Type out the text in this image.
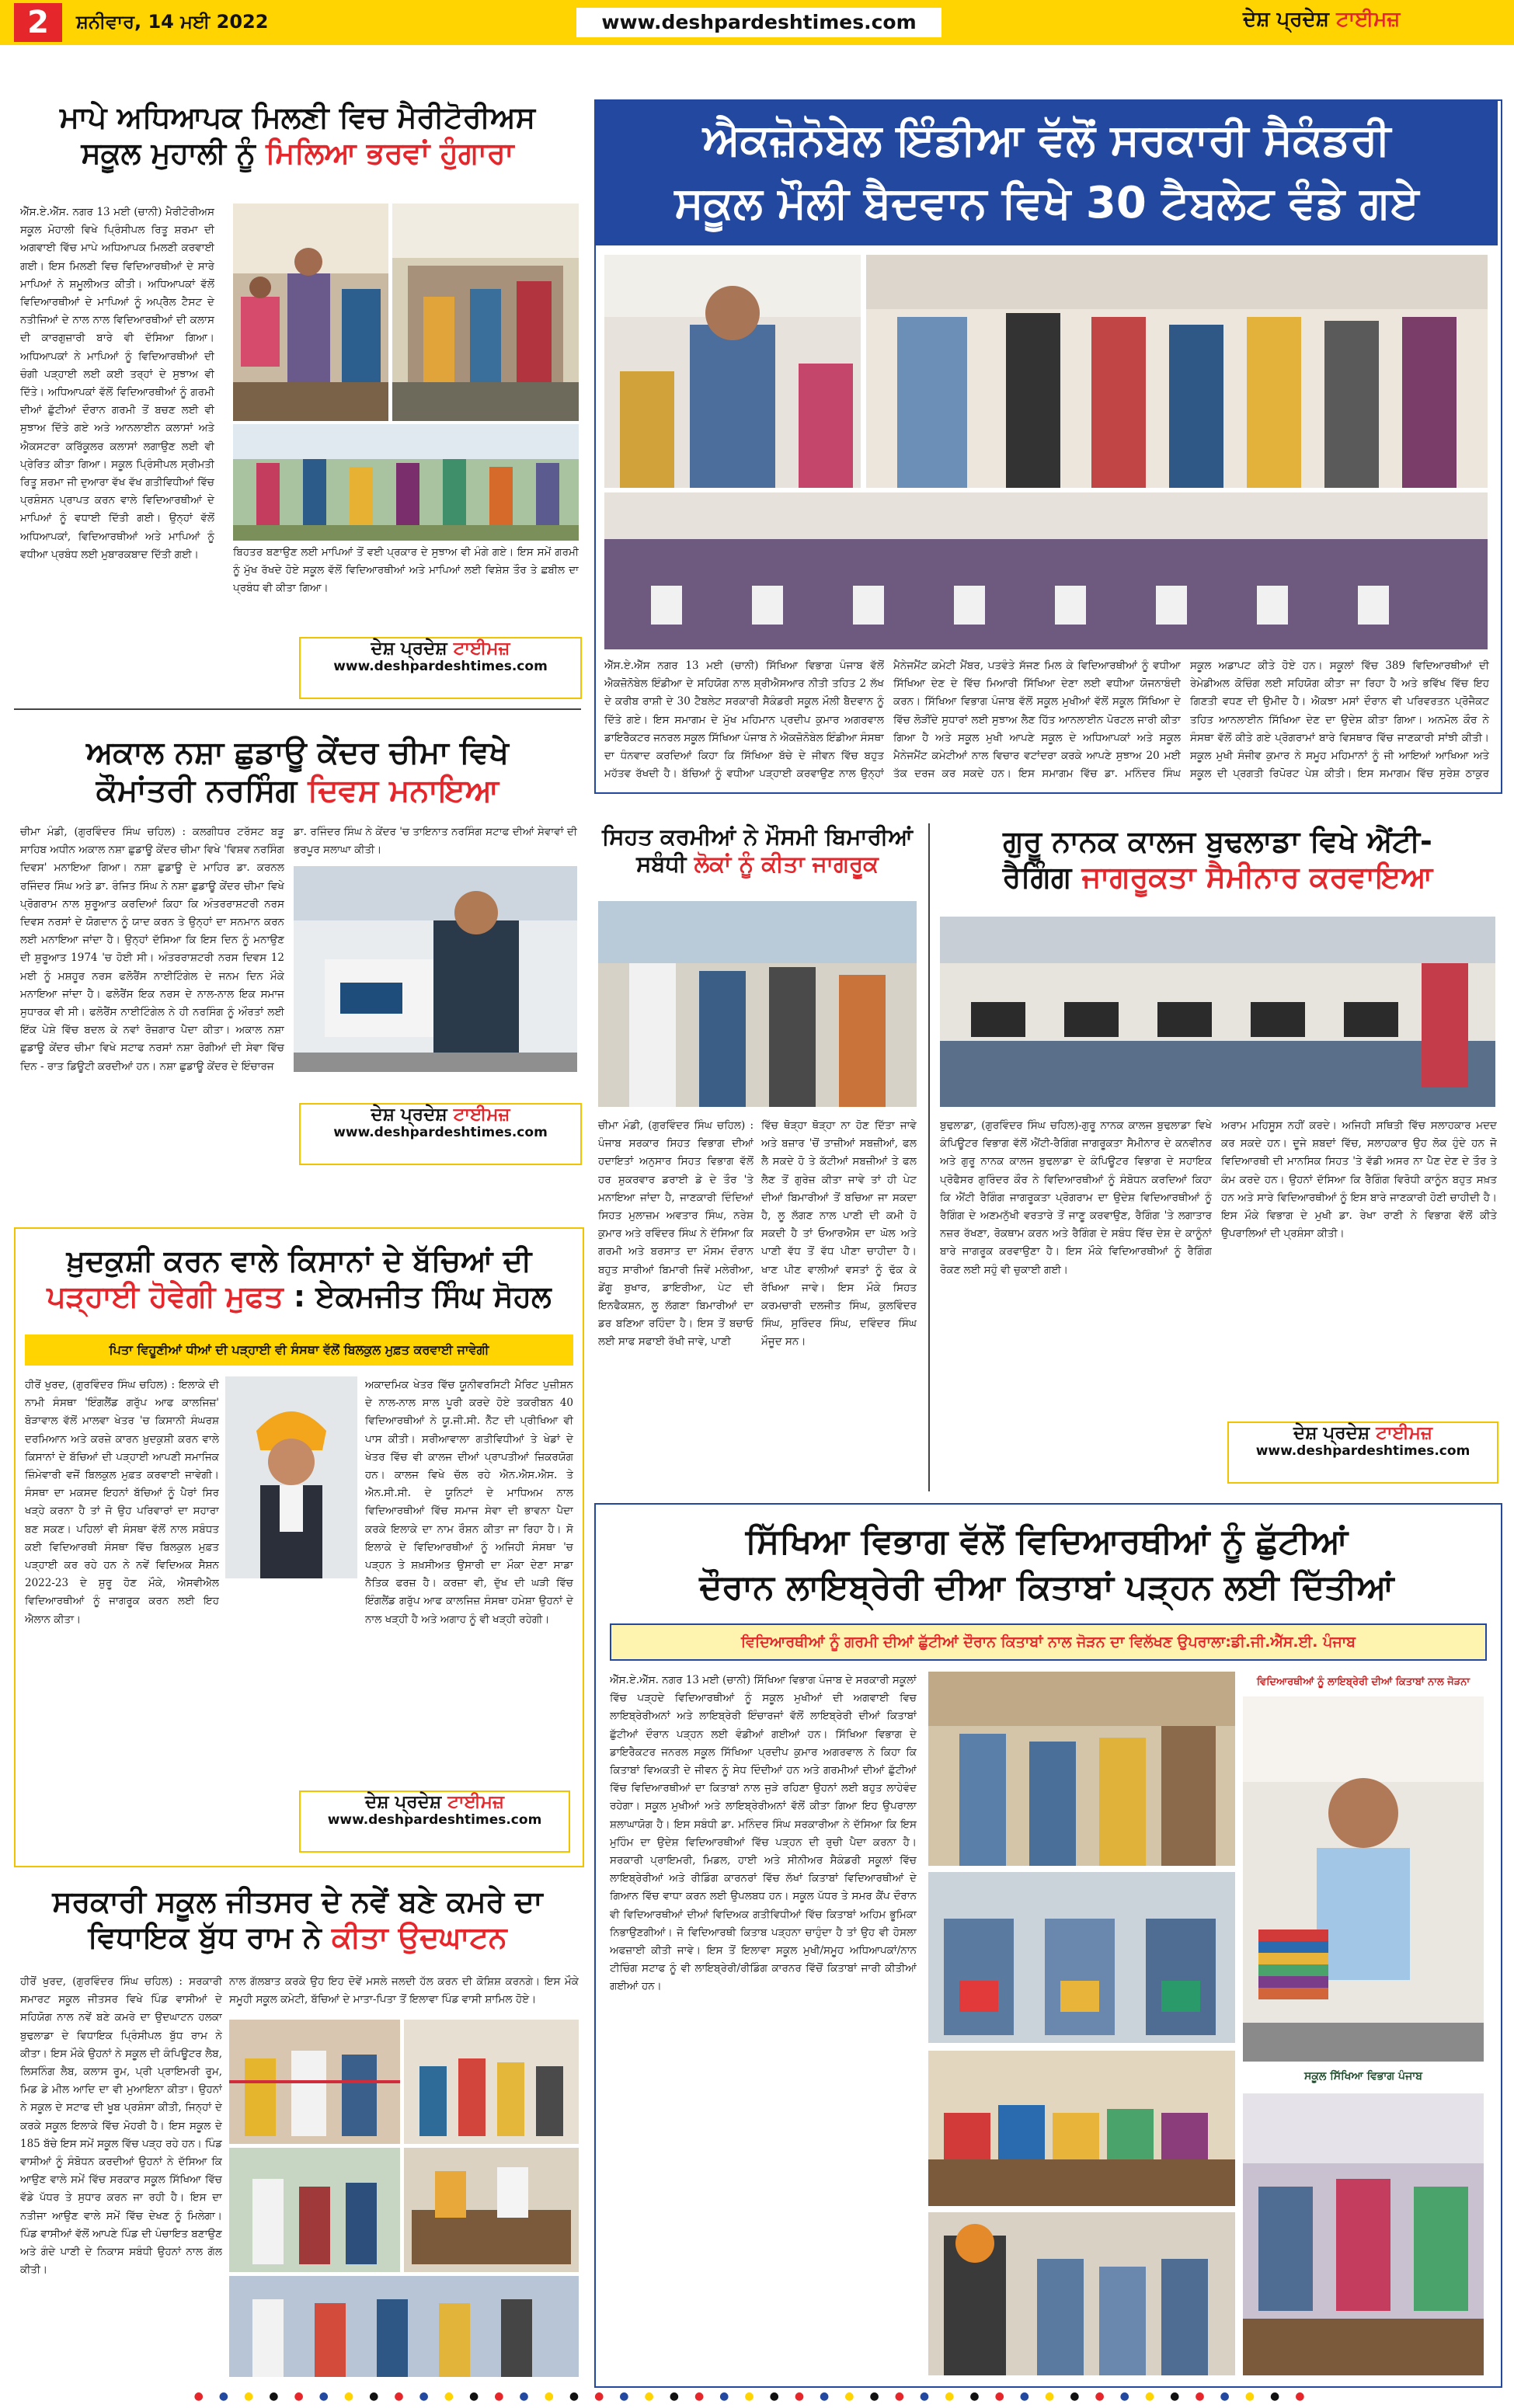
2	ਸ਼ਨੀਵਾਰ, 14 ਮਈ 2022	www.deshpardeshtimes.com	ਦੇਸ਼ ਪ੍ਰਦੇਸ਼ ਟਾਈਮਜ਼

ਮਾਪੇ ਅਧਿਆਪਕ ਮਿਲਣੀ ਵਿਚ ਮੈਰੀਟੋਰੀਅਸ
ਸਕੂਲ ਮੁਹਾਲੀ ਨੂੰ ਮਿਲਿਆ ਭਰਵਾਂ ਹੁੰਗਾਰਾ

ਐੱਸ.ਏ.ਐੱਸ. ਨਗਰ 13 ਮਈ (ਚਾਨੀ) ਮੈਰੀਟੋਰੀਅਸ ਸਕੂਲ ਮੋਹਾਲੀ ਵਿਖੇ ਪ੍ਰਿੰਸੀਪਲ ਰਿਤੂ ਸ਼ਰਮਾ ਦੀ ਅਗਵਾਈ ਵਿੱਚ ਮਾਪੇ ਅਧਿਆਪਕ ਮਿਲਣੀ ਕਰਵਾਈ ਗਈ। ਇਸ ਮਿਲਣੀ ਵਿਚ ਵਿਦਿਆਰਥੀਆਂ ਦੇ ਸਾਰੇ ਮਾਪਿਆਂ ਨੇ ਸ਼ਮੂਲੀਅਤ ਕੀਤੀ। ਅਧਿਆਪਕਾਂ ਵੱਲੋਂ ਵਿਦਿਆਰਥੀਆਂ ਦੇ ਮਾਪਿਆਂ ਨੂੰ ਅਪ੍ਰੈਲ ਟੈਸਟ ਦੇ ਨਤੀਜਿਆਂ ਦੇ ਨਾਲ ਨਾਲ ਵਿਦਿਆਰਥੀਆਂ ਦੀ ਕਲਾਸ ਦੀ ਕਾਰਗੁਜ਼ਾਰੀ ਬਾਰੇ ਵੀ ਦੱਸਿਆ ਗਿਆ। ਅਧਿਆਪਕਾਂ ਨੇ ਮਾਪਿਆਂ ਨੂੰ ਵਿਦਿਆਰਥੀਆਂ ਦੀ ਚੰਗੀ ਪੜ੍ਹਾਈ ਲਈ ਕਈ ਤਰ੍ਹਾਂ ਦੇ ਸੁਝਾਅ ਵੀ ਦਿੱਤੇ। ਅਧਿਆਪਕਾਂ ਵੱਲੋਂ ਵਿਦਿਆਰਥੀਆਂ ਨੂੰ ਗਰਮੀ ਦੀਆਂ ਛੁੱਟੀਆਂ ਦੌਰਾਨ ਗਰਮੀ ਤੋਂ ਬਚਣ ਲਈ ਵੀ ਸੁਝਾਅ ਦਿੱਤੇ ਗਏ ਅਤੇ ਆਨਲਾਈਨ ਕਲਾਸਾਂ ਅਤੇ ਐਕਸਟਰਾ ਕਰਿੱਕੂਲਰ ਕਲਾਸਾਂ ਲਗਾਉਣ ਲਈ ਵੀ ਪ੍ਰੇਰਿਤ ਕੀਤਾ ਗਿਆ। ਸਕੂਲ ਪ੍ਰਿੰਸੀਪਲ ਸ੍ਰੀਮਤੀ ਰਿਤੂ ਸ਼ਰਮਾ ਜੀ ਦੁਆਰਾ ਵੱਖ ਵੱਖ ਗਤੀਵਿਧੀਆਂ ਵਿੱਚ ਪ੍ਰਸ਼ੰਸਨ ਪ੍ਰਾਪਤ ਕਰਨ ਵਾਲੇ ਵਿਦਿਆਰਥੀਆਂ ਦੇ ਮਾਪਿਆਂ ਨੂੰ ਵਧਾਈ ਦਿੱਤੀ ਗਈ। ਉਨ੍ਹਾਂ ਵੱਲੋਂ ਅਧਿਆਪਕਾਂ, ਵਿਦਿਆਰਥੀਆਂ ਅਤੇ ਮਾਪਿਆਂ ਨੂੰ ਵਧੀਆ ਪ੍ਰਬੰਧ ਲਈ ਮੁਬਾਰਕਬਾਦ ਦਿੱਤੀ ਗਈ।	ਬਿਹਤਰ ਬਣਾਉਣ ਲਈ ਮਾਪਿਆਂ ਤੋਂ ਵਈ ਪ੍ਰਕਾਰ ਦੇ ਸੁਝਾਅ ਵੀ ਮੰਗੇ ਗਏ। ਇਸ ਸਮੇਂ ਗਰਮੀ ਨੂੰ ਮੁੱਖ ਰੱਖਦੇ ਹੋਏ ਸਕੂਲ ਵੱਲੋਂ ਵਿਦਿਆਰਥੀਆਂ ਅਤੇ ਮਾਪਿਆਂ ਲਈ ਵਿਸ਼ੇਸ਼ ਤੌਰ ਤੇ ਛਬੀਲ ਦਾ ਪ੍ਰਬੰਧ ਵੀ ਕੀਤਾ ਗਿਆ।

ਦੇਸ਼ ਪ੍ਰਦੇਸ਼ ਟਾਈਮਜ਼
www.deshpardeshtimes.com

ਅਕਾਲ ਨਸ਼ਾ ਛੁਡਾਊ ਕੇਂਦਰ ਚੀਮਾ ਵਿਖੇ
ਕੌਮਾਂਤਰੀ ਨਰਸਿੰਗ ਦਿਵਸ ਮਨਾਇਆ

ਚੀਮਾ ਮੰਡੀ, (ਗੁਰਵਿੰਦਰ ਸਿੰਘ ਚਹਿਲ) : ਕਲਗੀਧਰ ਟਰੱਸਟ ਬੜੂ ਸਾਹਿਬ ਅਧੀਨ ਅਕਾਲ ਨਸ਼ਾ ਛੁਡਾਊ ਕੇਂਦਰ ਚੀਮਾ ਵਿਖੇ 'ਵਿਸ਼ਵ ਨਰਸਿੰਗ ਦਿਵਸ' ਮਨਾਇਆ ਗਿਆ। ਨਸ਼ਾ ਛੁਡਾਊ ਦੇ ਮਾਹਿਰ ਡਾ. ਕਰਨਲ ਰਜਿੰਦਰ ਸਿੰਘ ਅਤੇ ਡਾ. ਰੰਜਿਤ ਸਿੰਘ ਨੇ ਨਸ਼ਾ ਛੁਡਾਊ ਕੇਂਦਰ ਚੀਮਾ ਵਿਖੇ ਪ੍ਰੋਗਰਾਮ ਨਾਲ ਸ਼ੁਰੂਆਤ ਕਰਦਿਆਂ ਕਿਹਾ ਕਿ ਅੰਤਰਰਾਸ਼ਟਰੀ ਨਰਸ ਦਿਵਸ ਨਰਸਾਂ ਦੇ ਯੋਗਦਾਨ ਨੂੰ ਯਾਦ ਕਰਨ ਤੇ ਉਨ੍ਹਾਂ ਦਾ ਸਨਮਾਨ ਕਰਨ ਲਈ ਮਨਾਇਆ ਜਾਂਦਾ ਹੈ। ਉਨ੍ਹਾਂ ਦੱਸਿਆ ਕਿ ਇਸ ਦਿਨ ਨੂੰ ਮਨਾਉਣ ਦੀ ਸ਼ੁਰੂਆਤ 1974 'ਚ ਹੋਈ ਸੀ। ਅੰਤਰਰਾਸ਼ਟਰੀ ਨਰਸ ਦਿਵਸ 12 ਮਈ ਨੂੰ ਮਸ਼ਹੂਰ ਨਰਸ ਫਲੋਰੈਂਸ ਨਾਈਟਿੰਗੇਲ ਦੇ ਜਨਮ ਦਿਨ ਮੌਕੇ ਮਨਾਇਆ ਜਾਂਦਾ ਹੈ। ਫਲੋਰੈਂਸ ਇਕ ਨਰਸ ਦੇ ਨਾਲ-ਨਾਲ ਇਕ ਸਮਾਜ ਸੁਧਾਰਕ ਵੀ ਸੀ। ਫਲੋਰੈਂਸ ਨਾਈਟਿੰਗੇਲ ਨੇ ਹੀ ਨਰਸਿੰਗ ਨੂੰ ਔਰਤਾਂ ਲਈ ਇੱਕ ਪੇਸ਼ੇ ਵਿੱਚ ਬਦਲ ਕੇ ਨਵਾਂ ਰੋਜ਼ਗਾਰ ਪੈਦਾ ਕੀਤਾ। ਅਕਾਲ ਨਸ਼ਾ ਛੁਡਾਊ ਕੇਂਦਰ ਚੀਮਾ ਵਿਖੇ ਸਟਾਫ ਨਰਸਾਂ ਨਸ਼ਾ ਰੋਗੀਆਂ ਦੀ ਸੇਵਾ ਵਿੱਚ ਦਿਨ - ਰਾਤ ਡਿਊਟੀ ਕਰਦੀਆਂ ਹਨ। ਨਸ਼ਾ ਛੁਡਾਊ ਕੇਂਦਰ ਦੇ ਇੰਚਾਰਜ

ਡਾ. ਰਜਿੰਦਰ ਸਿੰਘ ਨੇ ਕੇਂਦਰ 'ਚ ਤਾਇਨਾਤ ਨਰਸਿੰਗ ਸਟਾਫ ਦੀਆਂ ਸੇਵਾਵਾਂ ਦੀ ਭਰਪੂਰ ਸਲਾਘਾ ਕੀਤੀ।

ਦੇਸ਼ ਪ੍ਰਦੇਸ਼ ਟਾਈਮਜ਼
www.deshpardeshtimes.com

ਖ਼ੁਦਕੁਸ਼ੀ ਕਰਨ ਵਾਲੇ ਕਿਸਾਨਾਂ ਦੇ ਬੱਚਿਆਂ ਦੀ
ਪੜ੍ਹਾਈ ਹੋਵੇਗੀ ਮੁਫਤ : ਏਕਮਜੀਤ ਸਿੰਘ ਸੋਹਲ

ਪਿਤਾ ਵਿਹੂਣੀਆਂ ਧੀਆਂ ਦੀ ਪੜ੍ਹਾਈ ਵੀ ਸੰਸਥਾ ਵੱਲੋਂ ਬਿਲਕੁਲ ਮੁਫ਼ਤ ਕਰਵਾਈ ਜਾਵੇਗੀ

ਹੀਰੋਂ ਖੁਰਦ, (ਗੁਰਵਿੰਦਰ ਸਿੰਘ ਚਹਿਲ) : ਇਲਾਕੇ ਦੀ ਨਾਮੀ ਸੰਸਥਾ 'ਇੰਗਲੈਂਡ ਗਰੁੱਪ ਆਫ ਕਾਲਜਿਜ਼' ਬੋੜਾਵਾਲ ਵੱਲੋਂ ਮਾਲਵਾ ਖੇਤਰ 'ਚ ਕਿਸਾਨੀ ਸੰਘਰਸ਼ ਦਰਮਿਆਨ ਅਤੇ ਕਰਜ਼ੇ ਕਾਰਨ ਖ਼ੁਦਕੁਸ਼ੀ ਕਰਨ ਵਾਲੇ ਕਿਸਾਨਾਂ ਦੇ ਬੱਚਿਆਂ ਦੀ ਪੜ੍ਹਾਈ ਆਪਣੀ ਸਮਾਜਿਕ ਜ਼ਿੰਮੇਵਾਰੀ ਵਜੋਂ ਬਿਲਕੁਲ ਮੁਫ਼ਤ ਕਰਵਾਈ ਜਾਵੇਗੀ। ਸੰਸਥਾ ਦਾ ਮਕਸਦ ਇਹਨਾਂ ਬੱਚਿਆਂ ਨੂੰ ਪੈਰਾਂ ਸਿਰ ਖੜ੍ਹੇ ਕਰਨਾ ਹੈ ਤਾਂ ਜੋ ਉਹ ਪਰਿਵਾਰਾਂ ਦਾ ਸਹਾਰਾ ਬਣ ਸਕਣ। ਪਹਿਲਾਂ ਵੀ ਸੰਸਥਾ ਵੱਲੋਂ ਨਾਲ ਸਬੰਧਤ ਕਈ ਵਿਦਿਆਰਥੀ ਸੰਸਥਾ ਵਿੱਚ ਬਿਲਕੁਲ ਮੁਫ਼ਤ ਪੜ੍ਹਾਈ ਕਰ ਰਹੇ ਹਨ ਨੇ ਨਵੇਂ ਵਿਦਿਅਕ ਸੈਸ਼ਨ 2022-23 ਦੇ ਸ਼ੁਰੂ ਹੋਣ ਮੌਕੇ, ਐਸਵੀਐਲ ਵਿਦਿਆਰਥੀਆਂ ਨੂੰ ਜਾਗਰੂਕ ਕਰਨ ਲਈ ਇਹ ਐਲਾਨ ਕੀਤਾ।

ਅਕਾਦਮਿਕ ਖੇਤਰ ਵਿੱਚ ਯੂਨੀਵਰਸਿਟੀ ਮੈਰਿਟ ਪੁਜ਼ੀਸ਼ਨ ਦੇ ਨਾਲ-ਨਾਲ ਸਾਲ ਪੂਰੀ ਕਰਦੇ ਹੋਏ ਤਕਰੀਬਨ 40 ਵਿਦਿਆਰਥੀਆਂ ਨੇ ਯੂ.ਜੀ.ਸੀ. ਨੈੱਟ ਦੀ ਪ੍ਰੀਖਿਆ ਵੀ ਪਾਸ ਕੀਤੀ। ਸਰੀਆਵਾਲਾ ਗਤੀਵਿਧੀਆਂ ਤੇ ਖੇਡਾਂ ਦੇ ਖੇਤਰ ਵਿੱਚ ਵੀ ਕਾਲਜ ਦੀਆਂ ਪ੍ਰਾਪਤੀਆਂ ਜ਼ਿਕਰਯੋਗ ਹਨ। ਕਾਲਜ ਵਿਖੇ ਚੱਲ ਰਹੇ ਐਨ.ਐਸ.ਐਸ. ਤੇ ਐਨ.ਸੀ.ਸੀ. ਦੇ ਯੂਨਿਟਾਂ ਦੇ ਮਾਧਿਅਮ ਨਾਲ ਵਿਦਿਆਰਥੀਆਂ ਵਿੱਚ ਸਮਾਜ ਸੇਵਾ ਦੀ ਭਾਵਨਾ ਪੈਦਾ ਕਰਕੇ ਇਲਾਕੇ ਦਾ ਨਾਮ ਰੌਸ਼ਨ ਕੀਤਾ ਜਾ ਰਿਹਾ ਹੈ। ਸੋ ਇਲਾਕੇ ਦੇ ਵਿਦਿਆਰਥੀਆਂ ਨੂੰ ਅਜਿਹੀ ਸੰਸਥਾ 'ਚ ਪੜ੍ਹਨ ਤੇ ਸ਼ਖ਼ਸੀਅਤ ਉਸਾਰੀ ਦਾ ਮੌਕਾ ਦੇਣਾ ਸਾਡਾ ਨੈਤਿਕ ਫਰਜ਼ ਹੈ। ਕਰਜ਼ਾ ਵੀ, ਦੁੱਖ ਦੀ ਘੜੀ ਵਿੱਚ ਇੰਗਲੈਂਡ ਗਰੁੱਪ ਆਫ ਕਾਲਜਿਜ਼ ਸੰਸਥਾ ਹਮੇਸ਼ਾ ਉਹਨਾਂ ਦੇ ਨਾਲ ਖੜ੍ਹੀ ਹੈ ਅਤੇ ਅਗਾਹ ਨੂੰ ਵੀ ਖੜ੍ਹੀ ਰਹੇਗੀ।

ਦੇਸ਼ ਪ੍ਰਦੇਸ਼ ਟਾਈਮਜ਼
www.deshpardeshtimes.com

ਸਰਕਾਰੀ ਸਕੂਲ ਜੀਤਸਰ ਦੇ ਨਵੇਂ ਬਣੇ ਕਮਰੇ ਦਾ
ਵਿਧਾਇਕ ਬੁੱਧ ਰਾਮ ਨੇ ਕੀਤਾ ਉਦਘਾਟਨ

ਹੀਰੋਂ ਖੁਰਦ, (ਗੁਰਵਿੰਦਰ ਸਿੰਘ ਚਹਿਲ) : ਸਰਕਾਰੀ ਸਮਾਰਟ ਸਕੂਲ ਜੀਤਸਰ ਵਿਖੇ ਪਿੰਡ ਵਾਸੀਆਂ ਦੇ ਸਹਿਯੋਗ ਨਾਲ ਨਵੇਂ ਬਣੇ ਕਮਰੇ ਦਾ ਉਦਘਾਟਨ ਹਲਕਾ ਬੁਢਲਾਡਾ ਦੇ ਵਿਧਾਇਕ ਪ੍ਰਿੰਸੀਪਲ ਬੁੱਧ ਰਾਮ ਨੇ ਕੀਤਾ। ਇਸ ਮੌਕੇ ਉਹਨਾਂ ਨੇ ਸਕੂਲ ਦੀ ਕੰਪਿਊਟਰ ਲੈਬ, ਲਿਸਨਿੰਗ ਲੈਬ, ਕਲਾਸ ਰੂਮ, ਪ੍ਰੀ ਪ੍ਰਾਇਮਰੀ ਰੂਮ, ਮਿਡ ਡੇ ਮੀਲ ਆਦਿ ਦਾ ਵੀ ਮੁਆਇਨਾ ਕੀਤਾ। ਉਹਨਾਂ ਨੇ ਸਕੂਲ ਦੇ ਸਟਾਫ ਦੀ ਖੂਬ ਪ੍ਰਸ਼ੰਸਾ ਕੀਤੀ, ਜਿਨ੍ਹਾਂ ਦੇ ਕਰਕੇ ਸਕੂਲ ਇਲਾਕੇ ਵਿੱਚ ਮੋਹਰੀ ਹੈ। ਇਸ ਸਕੂਲ ਦੇ 185 ਬੱਚੇ ਇਸ ਸਮੇਂ ਸਕੂਲ ਵਿੱਚ ਪੜ੍ਹ ਰਹੇ ਹਨ। ਪਿੰਡ ਵਾਸੀਆਂ ਨੂੰ ਸੰਬੋਧਨ ਕਰਦੀਆਂ ਉਹਨਾਂ ਨੇ ਦੱਸਿਆ ਕਿ ਆਉਣ ਵਾਲੇ ਸਮੇਂ ਵਿੱਚ ਸਰਕਾਰ ਸਕੂਲ ਸਿੱਖਿਆ ਵਿੱਚ ਵੱਡੇ ਪੱਧਰ ਤੇ ਸੁਧਾਰ ਕਰਨ ਜਾ ਰਹੀ ਹੈ। ਇਸ ਦਾ ਨਤੀਜਾ ਆਉਣ ਵਾਲੇ ਸਮੇਂ ਵਿੱਚ ਦੇਖਣ ਨੂੰ ਮਿਲੇਗਾ। ਪਿੰਡ ਵਾਸੀਆਂ ਵੱਲੋਂ ਆਪਣੇ ਪਿੰਡ ਦੀ ਪੰਚਾਇਤ ਬਣਾਉਣ ਅਤੇ ਗੰਦੇ ਪਾਣੀ ਦੇ ਨਿਕਾਸ ਸਬੰਧੀ ਉਹਨਾਂ ਨਾਲ ਗੱਲ ਕੀਤੀ।

ਨਾਲ ਗੱਲਬਾਤ ਕਰਕੇ ਉਹ ਇਹ ਦੋਵੇਂ ਮਸਲੇ ਜਲਦੀ ਹੱਲ ਕਰਨ ਦੀ ਕੋਸ਼ਿਸ਼ ਕਰਨਗੇ। ਇਸ ਮੌਕੇ ਸਮੂਹੀ ਸਕੂਲ ਕਮੇਟੀ, ਬੱਚਿਆਂ ਦੇ ਮਾਤਾ-ਪਿਤਾ ਤੋਂ ਇਲਾਵਾ ਪਿੰਡ ਵਾਸੀ ਸ਼ਾਮਿਲ ਹੋਏ।

ਐਕਜ਼ੋਨੋਬੇਲ ਇੰਡੀਆ ਵੱਲੋਂ ਸਰਕਾਰੀ ਸੈਕੰਡਰੀ
ਸਕੂਲ ਮੌਲੀ ਬੈਦਵਾਨ ਵਿਖੇ 30 ਟੈਬਲੇਟ ਵੰਡੇ ਗਏ

ਐੱਸ.ਏ.ਐੱਸ ਨਗਰ 13 ਮਈ (ਚਾਨੀ) ਸਿੱਖਿਆ ਵਿਭਾਗ ਪੰਜਾਬ ਵੱਲੋਂ ਐਕਜ਼ੋਨੋਬੇਲ ਇੰਡੀਆ ਦੇ ਸਹਿਯੋਗ ਨਾਲ ਸ਼੍ਰੀਐਸਆਰ ਨੀਤੀ ਤਹਿਤ 2 ਲੱਖ ਦੇ ਕਰੀਬ ਰਾਸ਼ੀ ਦੇ 30 ਟੈਬਲੇਟ ਸਰਕਾਰੀ ਸੈਕੰਡਰੀ ਸਕੂਲ ਮੌਲੀ ਬੈਦਵਾਨ ਨੂੰ ਦਿੱਤੇ ਗਏ। ਇਸ ਸਮਾਗਮ ਦੇ ਮੁੱਖ ਮਹਿਮਾਨ ਪ੍ਰਦੀਪ ਕੁਮਾਰ ਅਗਰਵਾਲ ਡਾਇਰੈਕਟਰ ਜਨਰਲ ਸਕੂਲ ਸਿੱਖਿਆ ਪੰਜਾਬ ਨੇ ਐਕਜ਼ੋਨੋਬੇਲ ਇੰਡੀਆ ਸੰਸਥਾ ਦਾ ਧੰਨਵਾਦ ਕਰਦਿਆਂ ਕਿਹਾ ਕਿ ਸਿੱਖਿਆ ਬੱਚੇ ਦੇ ਜੀਵਨ ਵਿੱਚ ਬਹੁਤ ਮਹੱਤਵ ਰੱਖਦੀ ਹੈ। ਬੱਚਿਆਂ ਨੂੰ ਵਧੀਆ ਪੜ੍ਹਾਈ ਕਰਵਾਉਣ ਨਾਲ ਉਨ੍ਹਾਂ

ਮੈਨੇਜਮੈਂਟ ਕਮੇਟੀ ਮੈਂਬਰ, ਪਤਵੰਤੇ ਸੱਜਣ ਮਿਲ ਕੇ ਵਿਦਿਆਰਥੀਆਂ ਨੂੰ ਵਧੀਆ ਸਿੱਖਿਆ ਦੇਣ ਦੇ ਵਿੱਚ ਮਿਆਰੀ ਸਿੱਖਿਆ ਦੇਣਾ ਲਈ ਵਧੀਆ ਯੋਜਨਾਬੰਦੀ ਕਰਨ। ਸਿੱਖਿਆ ਵਿਭਾਗ ਪੰਜਾਬ ਵੱਲੋਂ ਸਕੂਲ ਮੁਖੀਆਂ ਵੱਲੋਂ ਸਕੂਲ ਸਿੱਖਿਆ ਦੇ ਵਿੱਚ ਲੋੜੀਂਦੇ ਸੁਧਾਰਾਂ ਲਈ ਸੁਝਾਅ ਲੈਣ ਹਿੱਤ ਆਨਲਾਈਨ ਪੋਰਟਲ ਜਾਰੀ ਕੀਤਾ ਗਿਆ ਹੈ ਅਤੇ ਸਕੂਲ ਮੁਖੀ ਆਪਣੇ ਸਕੂਲ ਦੇ ਅਧਿਆਪਕਾਂ ਅਤੇ ਸਕੂਲ ਮੈਨੇਜਮੈਂਟ ਕਮੇਟੀਆਂ ਨਾਲ ਵਿਚਾਰ ਵਟਾਂਦਰਾ ਕਰਕੇ ਆਪਣੇ ਸੁਝਾਅ 20 ਮਈ ਤੱਕ ਦਰਜ ਕਰ ਸਕਦੇ ਹਨ। ਇਸ ਸਮਾਗਮ ਵਿੱਚ ਡਾ. ਮਨਿੰਦਰ ਸਿੰਘ

ਸਕੂਲ ਅਡਾਪਟ ਕੀਤੇ ਹੋਏ ਹਨ। ਸਕੂਲਾਂ ਵਿੱਚ 389 ਵਿਦਿਆਰਥੀਆਂ ਦੀ ਰੇਮੇਡੀਅਲ ਕੋਚਿੰਗ ਲਈ ਸਹਿਯੋਗ ਕੀਤਾ ਜਾ ਰਿਹਾ ਹੈ ਅਤੇ ਭਵਿੱਖ ਵਿੱਚ ਇਹ ਗਿਣਤੀ ਵਧਣ ਦੀ ਉਮੀਦ ਹੈ। ਐਕਝਾ ਮਸਾਂ ਦੌਰਾਨ ਵੀ ਪਰਿਵਰਤਨ ਪ੍ਰੋਜੈਕਟ ਤਹਿਤ ਆਨਲਾਈਨ ਸਿੱਖਿਆ ਦੇਣ ਦਾ ਉਦੇਸ਼ ਕੀਤਾ ਗਿਆ। ਅਨਮੋਲ ਕੌਰ ਨੇ ਸੰਸਥਾ ਵੱਲੋਂ ਕੀਤੇ ਗਏ ਪ੍ਰੋਗਰਾਮਾਂ ਬਾਰੇ ਵਿਸਥਾਰ ਵਿੱਚ ਜਾਣਕਾਰੀ ਸਾਂਝੀ ਕੀਤੀ। ਸਕੂਲ ਮੁਖੀ ਸੰਜੀਵ ਕੁਮਾਰ ਨੇ ਸਮੂਹ ਮਹਿਮਾਨਾਂ ਨੂੰ ਜੀ ਆਇਆਂ ਆਖਿਆ ਅਤੇ ਸਕੂਲ ਦੀ ਪ੍ਰਗਤੀ ਰਿਪੋਰਟ ਪੇਸ਼ ਕੀਤੀ। ਇਸ ਸਮਾਗਮ ਵਿੱਚ ਸੁਰੇਸ਼ ਠਾਕੁਰ

ਸਿਹਤ ਕਰਮੀਆਂ ਨੇ ਮੌਸਮੀ ਬਿਮਾਰੀਆਂ
ਸਬੰਧੀ ਲੋਕਾਂ ਨੂੰ ਕੀਤਾ ਜਾਗਰੂਕ

ਚੀਮਾ ਮੰਡੀ, (ਗੁਰਵਿੰਦਰ ਸਿੰਘ ਚਹਿਲ) : ਪੰਜਾਬ ਸਰਕਾਰ ਸਿਹਤ ਵਿਭਾਗ ਦੀਆਂ ਹਦਾਇਤਾਂ ਅਨੁਸਾਰ ਸਿਹਤ ਵਿਭਾਗ ਵੱਲੋਂ ਹਰ ਸ਼ੁਕਰਵਾਰ ਡਰਾਈ ਡੇ ਦੇ ਤੌਰ 'ਤੇ ਮਨਾਇਆ ਜਾਂਦਾ ਹੈ, ਜਾਣਕਾਰੀ ਦਿੰਦਿਆਂ ਸਿਹਤ ਮੁਲਾਜ਼ਮ ਅਵਤਾਰ ਸਿੰਘ, ਨਰੇਸ਼ ਕੁਮਾਰ ਅਤੇ ਰਵਿੰਦਰ ਸਿੰਘ ਨੇ ਦੱਸਿਆ ਕਿ ਗਰਮੀ ਅਤੇ ਬਰਸਾਤ ਦਾ ਮੌਸਮ ਦੌਰਾਨ ਬਹੁਤ ਸਾਰੀਆਂ ਬਿਮਾਰੀ ਜਿਵੇਂ ਮਲੇਰੀਆ, ਡੇਂਗੂ ਬੁਖਾਰ, ਡਾਇਰੀਆ, ਪੇਟ ਦੀ ਇਨਫੈਕਸ਼ਨ, ਲੂ ਲੱਗਣਾ ਬਿਮਾਰੀਆਂ ਦਾ ਡਰ ਬਣਿਆ ਰਹਿੰਦਾ ਹੈ। ਇਸ ਤੋਂ ਬਚਾਓ ਲਈ ਸਾਫ ਸਫਾਈ ਰੱਖੀ ਜਾਵੇ, ਪਾਣੀ

ਵਿੱਚ ਥੋੜ੍ਹਾ ਥੋੜ੍ਹਾ ਨਾ ਹੋਣ ਦਿੱਤਾ ਜਾਵੇ ਅਤੇ ਬਜ਼ਾਰ 'ਚੋਂ ਤਾਜ਼ੀਆਂ ਸਬਜ਼ੀਆਂ, ਫਲ ਲੈ ਸਕਦੇ ਹੋ ਤੇ ਕੱਟੀਆਂ ਸਬਜ਼ੀਆਂ ਤੇ ਫਲ ਲੈਣ ਤੋਂ ਗੁਰੇਜ਼ ਕੀਤਾ ਜਾਵੇ ਤਾਂ ਹੀ ਪੇਟ ਦੀਆਂ ਬਿਮਾਰੀਆਂ ਤੋਂ ਬਚਿਆ ਜਾ ਸਕਦਾ ਹੈ, ਲੂ ਲੱਗਣ ਨਾਲ ਪਾਣੀ ਦੀ ਕਮੀ ਹੋ ਸਕਦੀ ਹੈ ਤਾਂ ਓਆਰਐਸ ਦਾ ਘੋਲ ਅਤੇ ਪਾਣੀ ਵੱਧ ਤੋਂ ਵੱਧ ਪੀਣਾ ਚਾਹੀਦਾ ਹੈ। ਖਾਣ ਪੀਣ ਵਾਲੀਆਂ ਵਸਤਾਂ ਨੂੰ ਢੱਕ ਕੇ ਰੱਖਿਆ ਜਾਵੇ। ਇਸ ਮੌਕੇ ਸਿਹਤ ਕਰਮਚਾਰੀ ਦਲਜੀਤ ਸਿੰਘ, ਕੁਲਵਿੰਦਰ ਸਿੰਘ, ਸੁਰਿੰਦਰ ਸਿੰਘ, ਦਵਿੰਦਰ ਸਿੰਘ ਮੌਜੂਦ ਸਨ।

ਗੁਰੂ ਨਾਨਕ ਕਾਲਜ ਬੁਢਲਾਡਾ ਵਿਖੇ ਐਂਟੀ-
ਰੈਗਿੰਗ ਜਾਗਰੂਕਤਾ ਸੈਮੀਨਾਰ ਕਰਵਾਇਆ

ਬੁਢਲਾਡਾ, (ਗੁਰਵਿੰਦਰ ਸਿੰਘ ਚਹਿਲ)-ਗੁਰੂ ਨਾਨਕ ਕਾਲਜ ਬੁਢਲਾਡਾ ਵਿਖੇ ਕੰਪਿਊਟਰ ਵਿਭਾਗ ਵੱਲੋਂ ਐਂਟੀ-ਰੈਗਿੰਗ ਜਾਗਰੂਕਤਾ ਸੈਮੀਨਾਰ ਦੇ ਕਨਵੀਨਰ ਅਤੇ ਗੁਰੂ ਨਾਨਕ ਕਾਲਜ ਬੁਢਲਾਡਾ ਦੇ ਕੰਪਿਊਟਰ ਵਿਭਾਗ ਦੇ ਸਹਾਇਕ ਪ੍ਰੋਫੈਸਰ ਗੁਰਿੰਦਰ ਕੌਰ ਨੇ ਵਿਦਿਆਰਥੀਆਂ ਨੂੰ ਸੰਬੋਧਨ ਕਰਦਿਆਂ ਕਿਹਾ ਕਿ ਐਂਟੀ ਰੈਗਿੰਗ ਜਾਗਰੂਕਤਾ ਪ੍ਰੋਗਰਾਮ ਦਾ ਉਦੇਸ਼ ਵਿਦਿਆਰਥੀਆਂ ਨੂੰ ਰੈਗਿੰਗ ਦੇ ਅਣਮਨੁੱਖੀ ਵਰਤਾਰੇ ਤੋਂ ਜਾਣੂ ਕਰਵਾਉਣ, ਰੈਗਿੰਗ 'ਤੇ ਲਗਾਤਾਰ ਨਜ਼ਰ ਰੱਖਣਾ, ਰੋਕਥਾਮ ਕਰਨ ਅਤੇ ਰੈਗਿੰਗ ਦੇ ਸਬੰਧ ਵਿੱਚ ਦੇਸ਼ ਦੇ ਕਾਨੂੰਨਾਂ ਬਾਰੇ ਜਾਗਰੂਕ ਕਰਵਾਉਣਾ ਹੈ। ਇਸ ਮੌਕੇ ਵਿਦਿਆਰਥੀਆਂ ਨੂੰ ਰੈਗਿੰਗ ਰੋਕਣ ਲਈ ਸਹੁੰ ਵੀ ਚੁਕਾਈ ਗਈ।

ਅਰਾਮ ਮਹਿਸੂਸ ਨਹੀਂ ਕਰਦੇ। ਅਜਿਹੀ ਸਥਿਤੀ ਵਿੱਚ ਸਲਾਹਕਾਰ ਮਦਦ ਕਰ ਸਕਦੇ ਹਨ। ਦੂਜੇ ਸ਼ਬਦਾਂ ਵਿੱਚ, ਸਲਾਹਕਾਰ ਉਹ ਲੋਕ ਹੁੰਦੇ ਹਨ ਜੋ ਵਿਦਿਆਰਥੀ ਦੀ ਮਾਨਸਿਕ ਸਿਹਤ 'ਤੇ ਵੱਡੀ ਅਸਰ ਨਾ ਪੈਣ ਦੇਣ ਦੇ ਤੌਰ ਤੇ ਕੰਮ ਕਰਦੇ ਹਨ। ਉਹਨਾਂ ਦੱਸਿਆ ਕਿ ਰੈਗਿੰਗ ਵਿਰੋਧੀ ਕਾਨੂੰਨ ਬਹੁਤ ਸਖ਼ਤ ਹਨ ਅਤੇ ਸਾਰੇ ਵਿਦਿਆਰਥੀਆਂ ਨੂੰ ਇਸ ਬਾਰੇ ਜਾਣਕਾਰੀ ਹੋਣੀ ਚਾਹੀਦੀ ਹੈ। ਇਸ ਮੌਕੇ ਵਿਭਾਗ ਦੇ ਮੁਖੀ ਡਾ. ਰੇਖਾ ਰਾਣੀ ਨੇ ਵਿਭਾਗ ਵੱਲੋਂ ਕੀਤੇ ਉਪਰਾਲਿਆਂ ਦੀ ਪ੍ਰਸ਼ੰਸਾ ਕੀਤੀ।

ਦੇਸ਼ ਪ੍ਰਦੇਸ਼ ਟਾਈਮਜ਼
www.deshpardeshtimes.com

ਸਿੱਖਿਆ ਵਿਭਾਗ ਵੱਲੋਂ ਵਿਦਿਆਰਥੀਆਂ ਨੂੰ ਛੁੱਟੀਆਂ
ਦੌਰਾਨ ਲਾਇਬ੍ਰੇਰੀ ਦੀਆ ਕਿਤਾਬਾਂ ਪੜ੍ਹਨ ਲਈ ਦਿੱਤੀਆਂ

ਵਿਦਿਆਰਥੀਆਂ ਨੂੰ ਗਰਮੀ ਦੀਆਂ ਛੁੱਟੀਆਂ ਦੌਰਾਨ ਕਿਤਾਬਾਂ ਨਾਲ ਜੋੜਨ ਦਾ ਵਿਲੱਖਣ ਉਪਰਾਲਾ:ਡੀ.ਜੀ.ਐੱਸ.ਈ. ਪੰਜਾਬ

ਐੱਸ.ਏ.ਐੱਸ. ਨਗਰ 13 ਮਈ (ਚਾਨੀ) ਸਿੱਖਿਆ ਵਿਭਾਗ ਪੰਜਾਬ ਦੇ ਸਰਕਾਰੀ ਸਕੂਲਾਂ ਵਿੱਚ ਪੜ੍ਹਦੇ ਵਿਦਿਆਰਥੀਆਂ ਨੂੰ ਸਕੂਲ ਮੁਖੀਆਂ ਦੀ ਅਗਵਾਈ ਵਿਚ ਲਾਇਬ੍ਰੇਰੀਅਨਾਂ ਅਤੇ ਲਾਇਬ੍ਰੇਰੀ ਇੰਚਾਰਜਾਂ ਵੱਲੋਂ ਲਾਇਬ੍ਰੇਰੀ ਦੀਆਂ ਕਿਤਾਬਾਂ ਛੁੱਟੀਆਂ ਦੌਰਾਨ ਪੜ੍ਹਨ ਲਈ ਵੰਡੀਆਂ ਗਈਆਂ ਹਨ। ਸਿੱਖਿਆ ਵਿਭਾਗ ਦੇ ਡਾਇਰੈਕਟਰ ਜਨਰਲ ਸਕੂਲ ਸਿੱਖਿਆ ਪ੍ਰਦੀਪ ਕੁਮਾਰ ਅਗਰਵਾਲ ਨੇ ਕਿਹਾ ਕਿ ਕਿਤਾਬਾਂ ਵਿਅਕਤੀ ਦੇ ਜੀਵਨ ਨੂੰ ਸੇਧ ਦਿੰਦੀਆਂ ਹਨ ਅਤੇ ਗਰਮੀਆਂ ਦੀਆਂ ਛੁੱਟੀਆਂ ਵਿੱਚ ਵਿਦਿਆਰਥੀਆਂ ਦਾ ਕਿਤਾਬਾਂ ਨਾਲ ਜੁੜੇ ਰਹਿਣਾ ਉਹਨਾਂ ਲਈ ਬਹੁਤ ਲਾਹੇਵੰਦ ਰਹੇਗਾ। ਸਕੂਲ ਮੁਖੀਆਂ ਅਤੇ ਲਾਇਬ੍ਰੇਰੀਅਨਾਂ ਵੱਲੋਂ ਕੀਤਾ ਗਿਆ ਇਹ ਉਪਰਾਲਾ ਸ਼ਲਾਘਾਯੋਗ ਹੈ। ਇਸ ਸਬੰਧੀ ਡਾ. ਮਨਿੰਦਰ ਸਿੰਘ ਸਰਕਾਰੀਆ ਨੇ ਦੱਸਿਆ ਕਿ ਇਸ ਮੁਹਿੰਮ ਦਾ ਉਦੇਸ਼ ਵਿਦਿਆਰਥੀਆਂ ਵਿੱਚ ਪੜ੍ਹਨ ਦੀ ਰੁਚੀ ਪੈਦਾ ਕਰਨਾ ਹੈ। ਸਰਕਾਰੀ ਪ੍ਰਾਇਮਰੀ, ਮਿਡਲ, ਹਾਈ ਅਤੇ ਸੀਨੀਅਰ ਸੈਕੰਡਰੀ ਸਕੂਲਾਂ ਵਿੱਚ ਲਾਇਬ੍ਰੇਰੀਆਂ ਅਤੇ ਰੀਡਿੰਗ ਕਾਰਨਰਾਂ ਵਿੱਚ ਲੱਖਾਂ ਕਿਤਾਬਾਂ ਵਿਦਿਆਰਥੀਆਂ ਦੇ ਗਿਆਨ ਵਿੱਚ ਵਾਧਾ ਕਰਨ ਲਈ ਉਪਲਬਧ ਹਨ। ਸਕੂਲ ਪੱਧਰ ਤੇ ਸਮਰ ਕੈਂਪ ਦੌਰਾਨ ਵੀ ਵਿਦਿਆਰਥੀਆਂ ਦੀਆਂ ਵਿਦਿਅਕ ਗਤੀਵਿਧੀਆਂ ਵਿੱਚ ਕਿਤਾਬਾਂ ਅਹਿਮ ਭੂਮਿਕਾ ਨਿਭਾਉਣਗੀਆਂ। ਜੋ ਵਿਦਿਆਰਥੀ ਕਿਤਾਬ ਪੜ੍ਹਨਾ ਚਾਹੁੰਦਾ ਹੈ ਤਾਂ ਉਹ ਵੀ ਹੋਸਲਾ ਅਫਜ਼ਾਈ ਕੀਤੀ ਜਾਵੇ। ਇਸ ਤੋਂ ਇਲਾਵਾ ਸਕੂਲ ਮੁਖੀ/ਸਮੂਹ ਅਧਿਆਪਕਾਂ/ਨਾਨ ਟੀਚਿੰਗ ਸਟਾਫ ਨੂੰ ਵੀ ਲਾਇਬ੍ਰੇਰੀ/ਰੀਡਿੰਗ ਕਾਰਨਰ ਵਿੱਚੋਂ ਕਿਤਾਬਾਂ ਜਾਰੀ ਕੀਤੀਆਂ ਗਈਆਂ ਹਨ।

ਵਿਦਿਆਰਥੀਆਂ ਨੂੰ ਲਾਇਬ੍ਰੇਰੀ ਦੀਆਂ ਕਿਤਾਬਾਂ ਨਾਲ ਜੋੜਨਾ
ਸਕੂਲ ਸਿੱਖਿਆ ਵਿਭਾਗ ਪੰਜਾਬ
●●●●●●●●●●●●●●●●●●●●●●●●●●●●●●●●●●●●●●●●●●●●●
